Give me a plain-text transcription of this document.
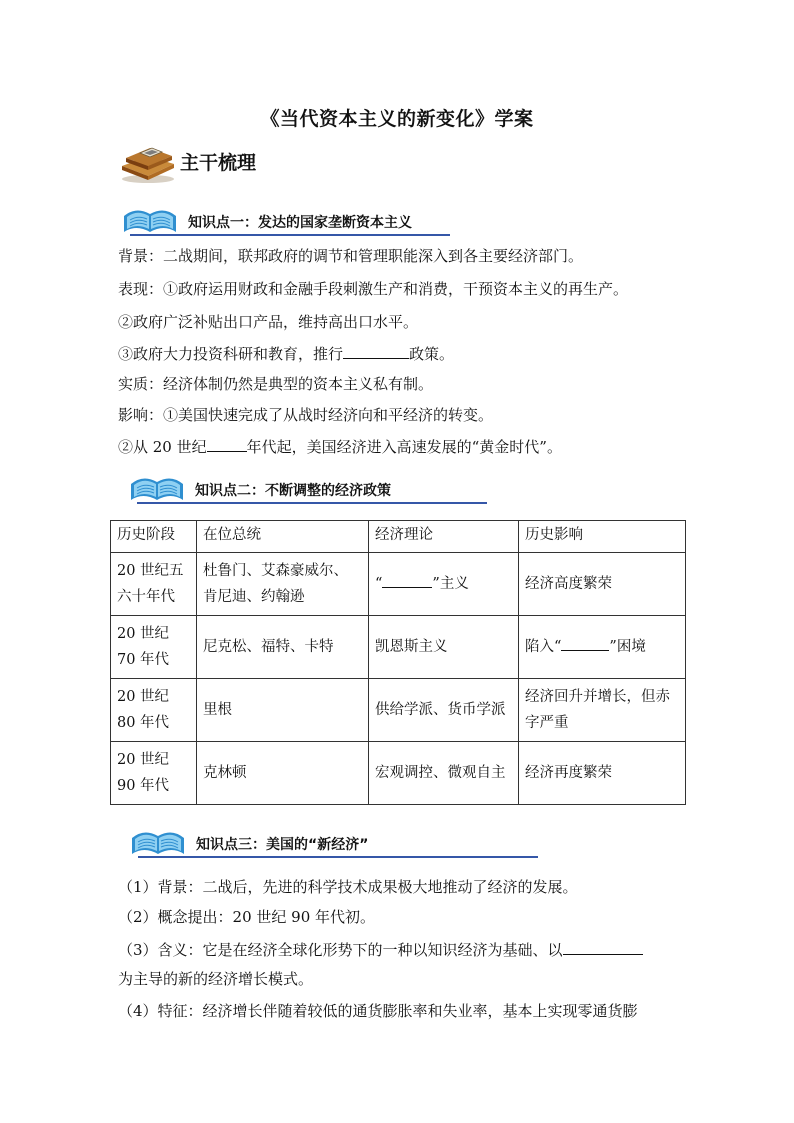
《当代资本主义的新变化》学案
主干梳理
知识点一：发达的国家垄断资本主义
背景：二战期间，联邦政府的调节和管理职能深入到各主要经济部门。
表现：①政府运用财政和金融手段刺激生产和消费，干预资本主义的再生产。
②政府广泛补贴出口产品，维持高出口水平。
③政府大力投资科研和教育，推行	政策。
实质：经济体制仍然是典型的资本主义私有制。
影响：①美国快速完成了从战时经济向和平经济的转变。
②从 20 世纪	年代起，美国经济进入高速发展的“黄金时代”。
知识点二：不断调整的经济政策
历史阶段	在位总统	经济理论	历史影响
20 世纪五六十年代	杜鲁门、艾森豪威尔、肯尼迪、约翰逊	“ ”主义	经济高度繁荣
20 世纪 70 年代	尼克松、福特、卡特	凯恩斯主义	陷入“ ”困境
20 世纪 80 年代	里根	供给学派、货币学派	经济回升并增长，但赤字严重
20 世纪 90 年代	克林顿	宏观调控、微观自主	经济再度繁荣
知识点三：美国的“新经济”
（1）背景：二战后，先进的科学技术成果极大地推动了经济的发展。
（2）概念提出：20 世纪 90 年代初。
（3）含义：它是在经济全球化形势下的一种以知识经济为基础、以
为主导的新的经济增长模式。
（4）特征：经济增长伴随着较低的通货膨胀率和失业率，基本上实现零通货膨
